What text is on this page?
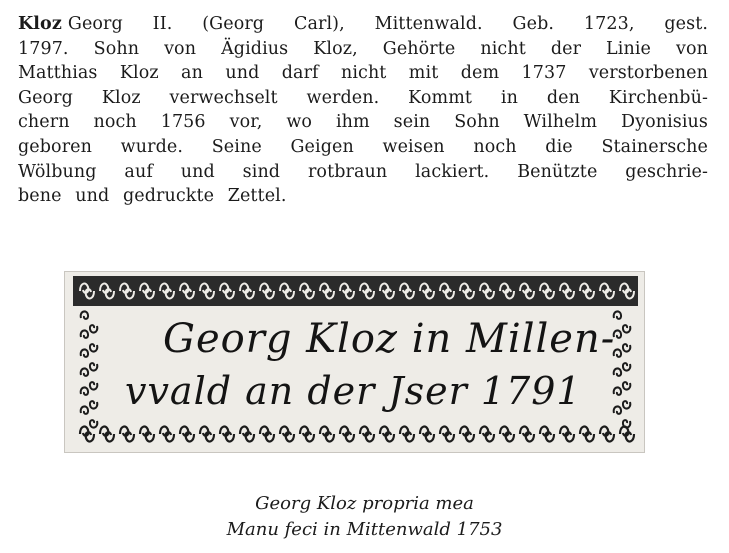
Kloz Georg II. (Georg Carl), Mittenwald. Geb. 1723, gest.
1797. Sohn von Ägidius Kloz, Gehörte nicht der Linie von
Matthias Kloz an und darf nicht mit dem 1737 verstorbenen
Georg Kloz verwechselt werden. Kommt in den Kirchenbü-
chern noch 1756 vor, wo ihm sein Sohn Wilhelm Dyonisius
geboren wurde. Seine Geigen weisen noch die Stainersche
Wölbung auf und sind rotbraun lackiert. Benützte geschrie-
bene und gedruckte Zettel.
Georg Kloz in Millen-
vvald an der Jser 1791
Georg Kloz propria mea
Manu feci in Mittenwald 1753
